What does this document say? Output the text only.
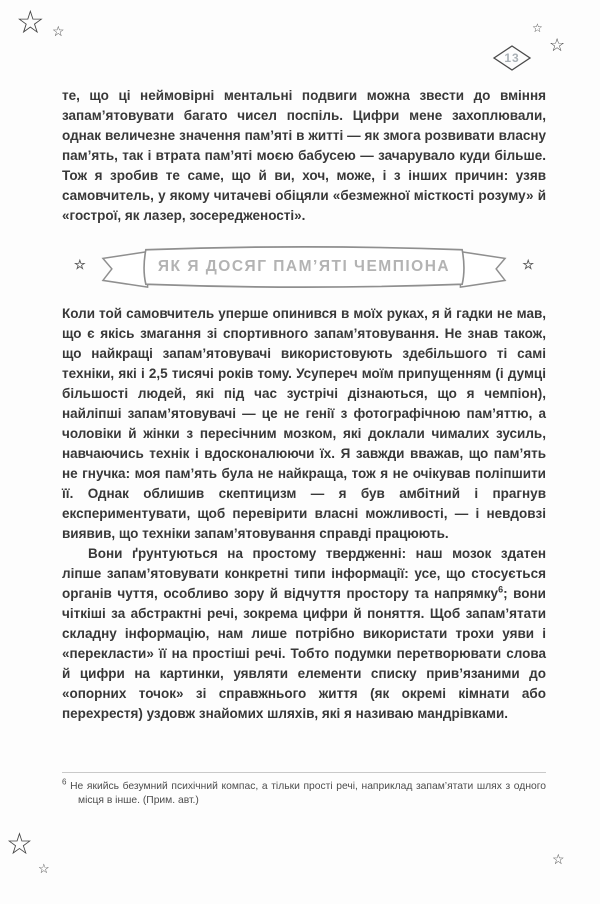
☆ ☆	☆
☆
13

те, що ці неймовірні ментальні подвиги можна звести до вміння запам’ятовувати багато чисел поспіль. Цифри мене захоплювали, однак величезне значення пам’яті в житті — як змога розвивати власну пам’ять, так і втрата пам’яті моєю бабусею — зачарувало куди більше. Тож я зробив те саме, що й ви, хоч, може, і з інших причин: узяв самовчитель, у якому читачеві обіцяли «безмежної місткості розуму» й «гострої, як лазер, зосередженості».

☆	ЯК Я ДОСЯГ ПАМ’ЯТІ ЧЕМПІОНА	☆

Коли той самовчитель уперше опинився в моїх руках, я й гадки не мав, що є якісь змагання зі спортивного запам’ятовування. Не знав також, що найкращі запам’ятовувачі використовують здебільшого ті самі техніки, які і 2,5 тисячі років тому. Усупереч моїм припущенням (і думці більшості людей, які під час зустрічі дізнаються, що я чемпіон), найліпші запам’ятовувачі — це не генії з фотографічною пам’яттю, а чоловіки й жінки з пересічним мозком, які доклали чималих зусиль, навчаючись технік і вдосконалюючи їх. Я завжди вважав, що пам’ять не гнучка: моя пам’ять була не найкраща, тож я не очікував поліпшити її. Однак облишив скептицизм — я був амбітний і прагнув експериментувати, щоб перевірити власні можливості, — і невдовзі виявив, що техніки запам’ятовування справді працюють.

Вони ґрунтуються на простому твердженні: наш мозок здатен ліпше запам’ятовувати конкретні типи інформації: усе, що стосується органів чуття, особливо зору й відчуття простору та напрямку$^6$; вони чіткіші за абстрактні речі, зокрема цифри й поняття. Щоб запам’ятати складну інформацію, нам лише потрібно використати трохи уяви і «перекласти» її на простіші речі. Тобто подумки перетворювати слова й цифри на картинки, уявляти елементи списку прив’язаними до «опорних точок» зі справжнього життя (як окремі кімнати або перехрестя) уздовж знайомих шляхів, які я називаю мандрівками.

$^6$ Не якийсь безумний психічний компас, а тільки прості речі, наприклад запам’ятати шлях з одного місця в інше. (Прим. авт.)

☆
☆
☆
